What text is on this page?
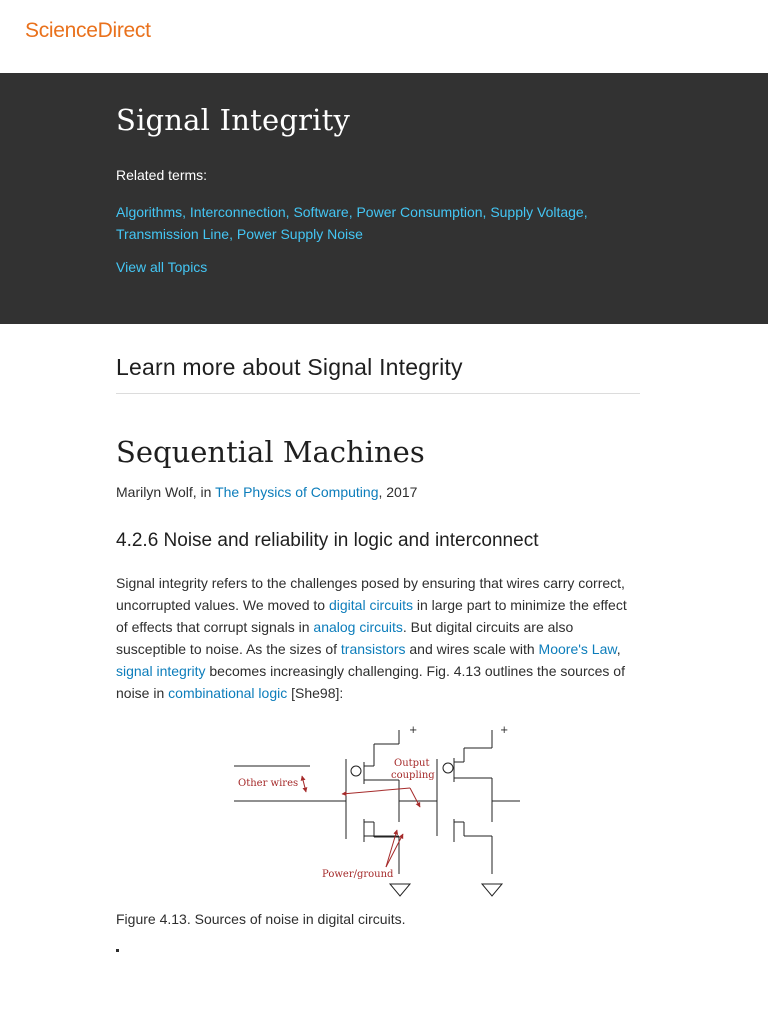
ScienceDirect
Signal Integrity
Related terms:
Algorithms, Interconnection, Software, Power Consumption, Supply Voltage, Transmission Line, Power Supply Noise
View all Topics
Learn more about Signal Integrity
Sequential Machines

Marilyn Wolf, in The Physics of Computing, 2017

4.2.6 Noise and reliability in logic and interconnect

Signal integrity refers to the challenges posed by ensuring that wires carry correct, uncorrupted values. We moved to digital circuits in large part to minimize the effect of effects that corrupt signals in analog circuits. But digital circuits are also susceptible to noise. As the sizes of transistors and wires scale with Moore's Law, signal integrity becomes increasingly challenging. Fig. 4.13 outlines the sources of noise in combinational logic [She98]:

Other wires
Output
coupling
Power/ground
+	+

Figure 4.13. Sources of noise in digital circuits.
